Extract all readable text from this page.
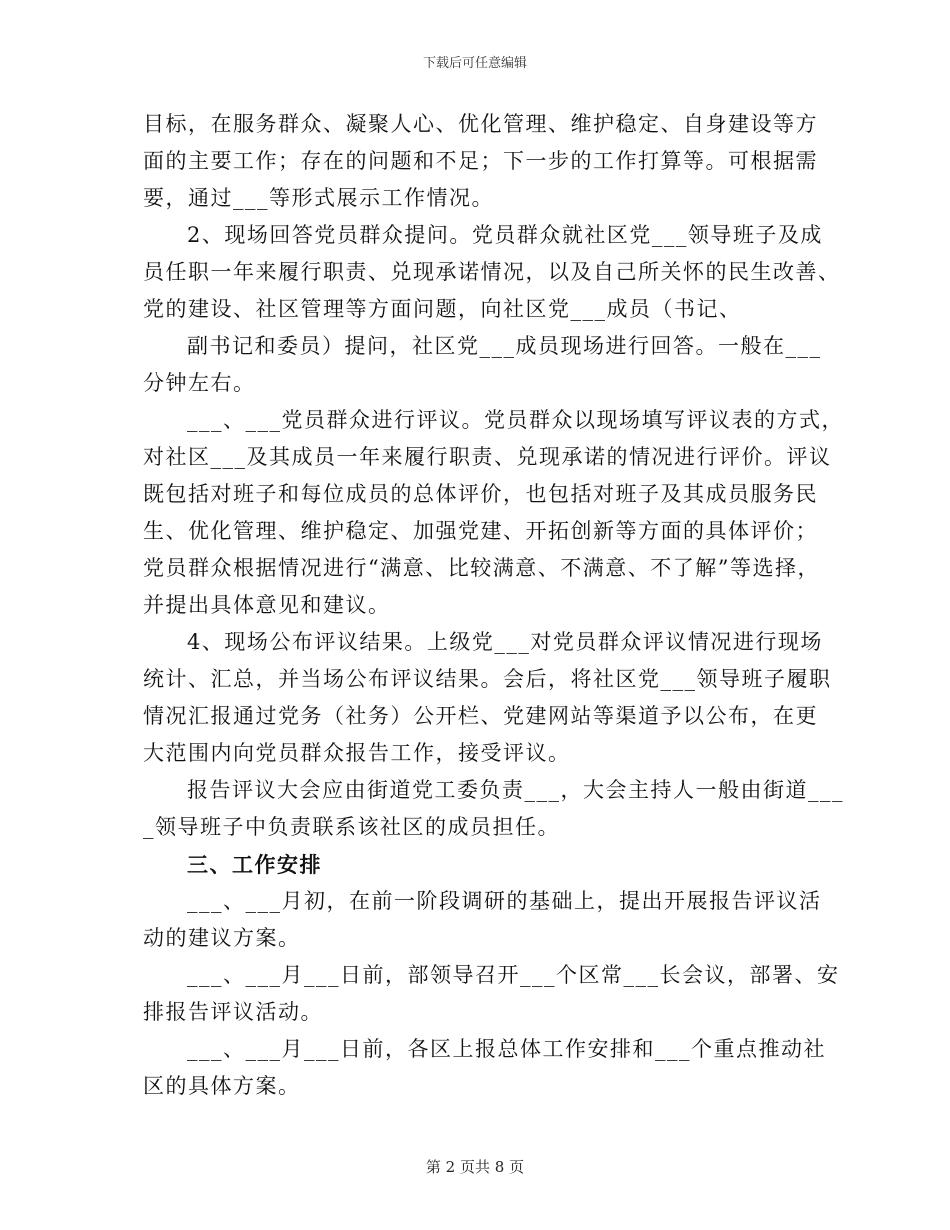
下载后可任意编辑
目标，在服务群众、凝聚人心、优化管理、维护稳定、自身建设等方
面的主要工作；存在的问题和不足；下一步的工作打算等。可根据需
要，通过___等形式展示工作情况。
2、现场回答党员群众提问。党员群众就社区党___领导班子及成
员任职一年来履行职责、兑现承诺情况，以及自己所关怀的民生改善、
党的建设、社区管理等方面问题，向社区党___成员（书记、
副书记和委员）提问，社区党___成员现场进行回答。一般在___
分钟左右。
___、___党员群众进行评议。党员群众以现场填写评议表的方式，
对社区___及其成员一年来履行职责、兑现承诺的情况进行评价。评议
既包括对班子和每位成员的总体评价，也包括对班子及其成员服务民
生、优化管理、维护稳定、加强党建、开拓创新等方面的具体评价；
党员群众根据情况进行“满意、比较满意、不满意、不了解”等选择，
并提出具体意见和建议。
4、现场公布评议结果。上级党___对党员群众评议情况进行现场
统计、汇总，并当场公布评议结果。会后，将社区党___领导班子履职
情况汇报通过党务（社务）公开栏、党建网站等渠道予以公布，在更
大范围内向党员群众报告工作，接受评议。
报告评议大会应由街道党工委负责___，大会主持人一般由街道___
_领导班子中负责联系该社区的成员担任。
三、工作安排
___、___月初，在前一阶段调研的基础上，提出开展报告评议活
动的建议方案。
___、___月___日前，部领导召开___个区常___长会议，部署、安
排报告评议活动。
___、___月___日前，各区上报总体工作安排和___个重点推动社
区的具体方案。
第 2 页共 8 页
